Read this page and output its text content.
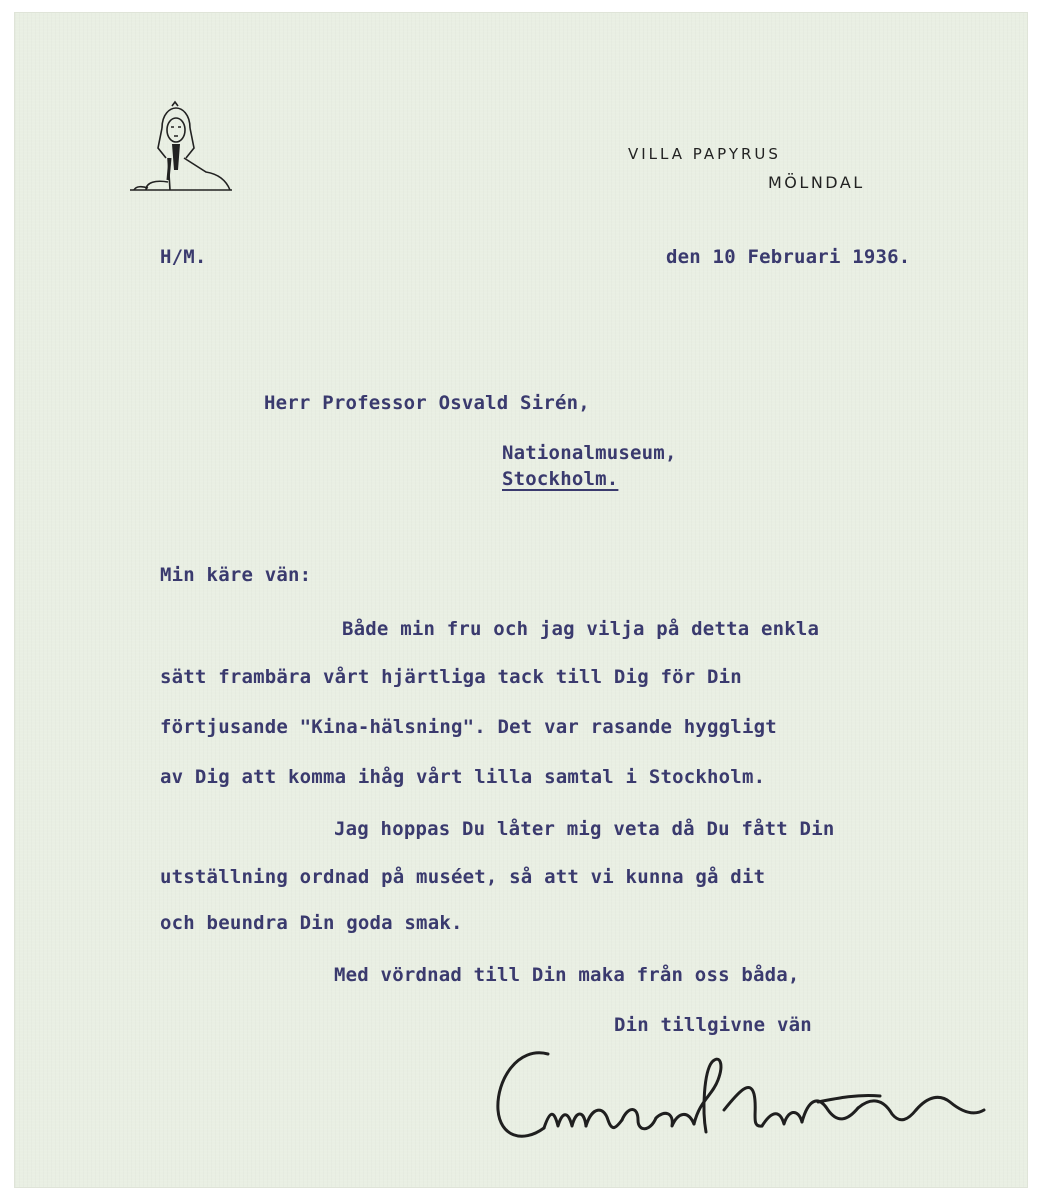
VILLA PAPYRUS
MÖLNDAL
H/M.	den 10 Februari 1936.
Herr Professor Osvald Sirén,
Nationalmuseum,
Stockholm.
Min käre vän:
Både min fru och jag vilja på detta enkla
sätt frambära vårt hjärtliga tack till Dig för Din
förtjusande "Kina-hälsning". Det var rasande hyggligt
av Dig att komma ihåg vårt lilla samtal i Stockholm.
Jag hoppas Du låter mig veta då Du fått Din
utställning ordnad på muséet, så att vi kunna gå dit
och beundra Din goda smak.
Med vördnad till Din maka från oss båda,
Din tillgivne vän
